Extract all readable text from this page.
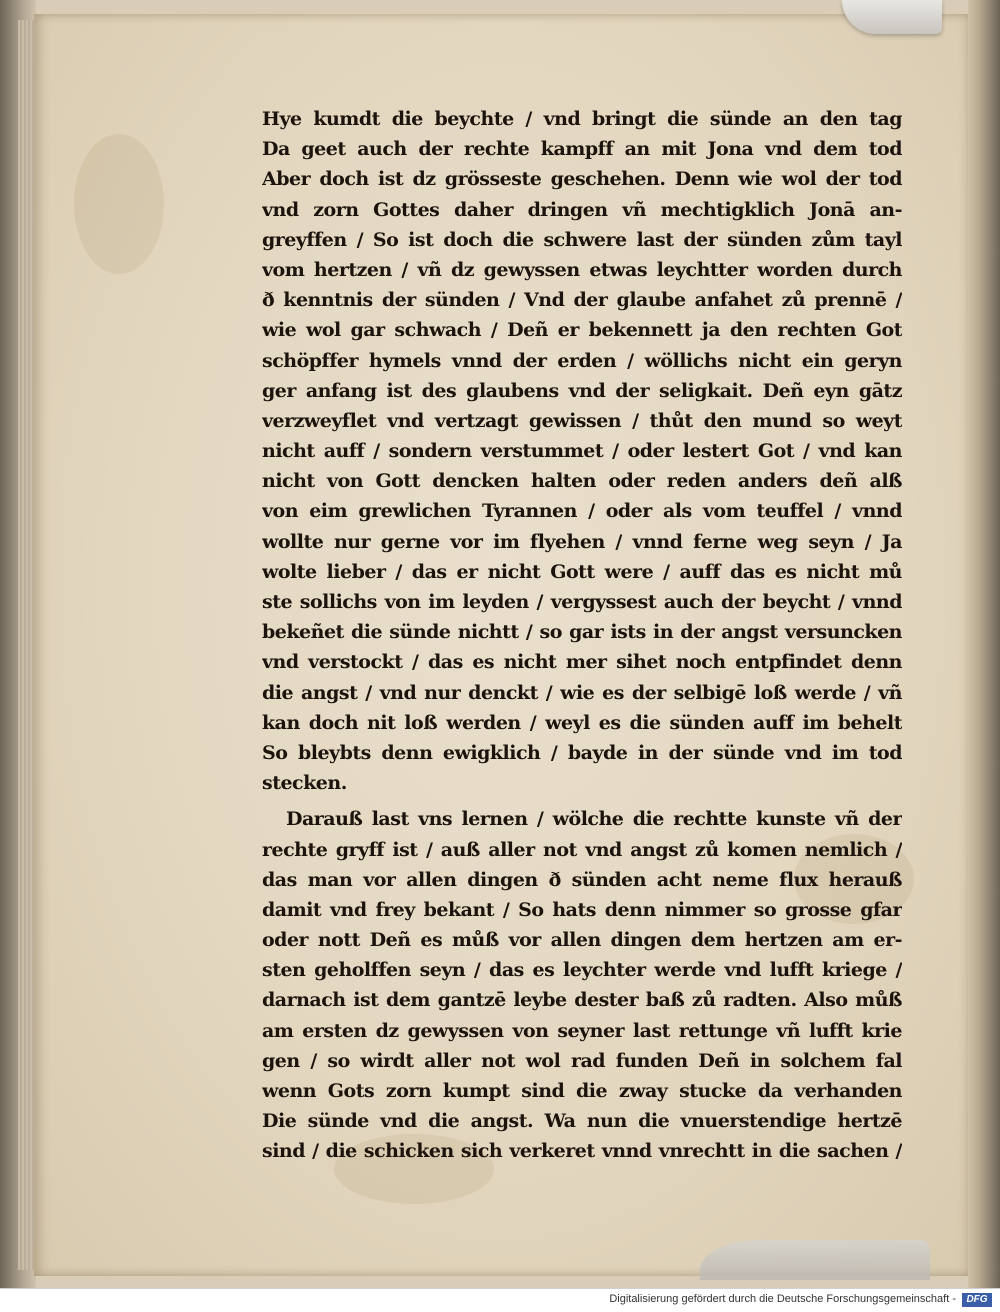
Hye kumdt die beychte / vnd bringt die sünde an den tag
Da geet auch der rechte kampff an mit Jona vnd dem tod
Aber doch ist dz grösseste geschehen. Denn wie wol der tod
vnd zorn Gottes daher dringen vñ mechtigklich Jonā an-
greyffen / So ist doch die schwere last der sünden zům tayl
vom hertzen / vñ dz gewyssen etwas leychtter worden durch
ð kenntnis der sünden / Vnd der glaube anfahet zů prennē /
wie wol gar schwach / Deñ er bekennett ja den rechten Got
schöpffer hymels vnnd der erden / wöllichs nicht ein geryn
ger anfang ist des glaubens vnd der seligkait. Deñ eyn gātz
verzweyflet vnd vertzagt gewissen / thůt den mund so weyt
nicht auff / sondern verstummet / oder lestert Got / vnd kan
nicht von Gott dencken halten oder reden anders deñ alß
von eim grewlichen Tyrannen / oder als vom teuffel / vnnd
wollte nur gerne vor im flyehen / vnnd ferne weg seyn / Ja
wolte lieber / das er nicht Gott were / auff das es nicht mů
ste sollichs von im leyden / vergyssest auch der beycht / vnnd
bekeñet die sünde nichtt / so gar ists in der angst versuncken
vnd verstockt / das es nicht mer sihet noch entpfindet denn
die angst / vnd nur denckt / wie es der selbigē loß werde / vñ
kan doch nit loß werden / weyl es die sünden auff im behelt
So bleybts denn ewigklich / bayde in der sünde vnd im tod
stecken.
Darauß last vns lernen / wölche die rechtte kunste vñ der
rechte gryff ist / auß aller not vnd angst zů komen nemlich /
das man vor allen dingen ð sünden acht neme flux herauß
damit vnd frey bekant / So hats denn nimmer so grosse gfar
oder nott Deñ es můß vor allen dingen dem hertzen am er-
sten geholffen seyn / das es leychter werde vnd lufft kriege /
darnach ist dem gantzē leybe dester baß zů radten. Also můß
am ersten dz gewyssen von seyner last rettunge vñ lufft krie
gen / so wirdt aller not wol rad funden Deñ in solchem fal
wenn Gots zorn kumpt sind die zway stucke da verhanden
Die sünde vnd die angst. Wa nun die vnuerstendige hertzē
sind / die schicken sich verkeret vnnd vnrechtt in die sachen /
Digitalisierung gefördert durch die Deutsche Forschungsgemeinschaft -	DFG
